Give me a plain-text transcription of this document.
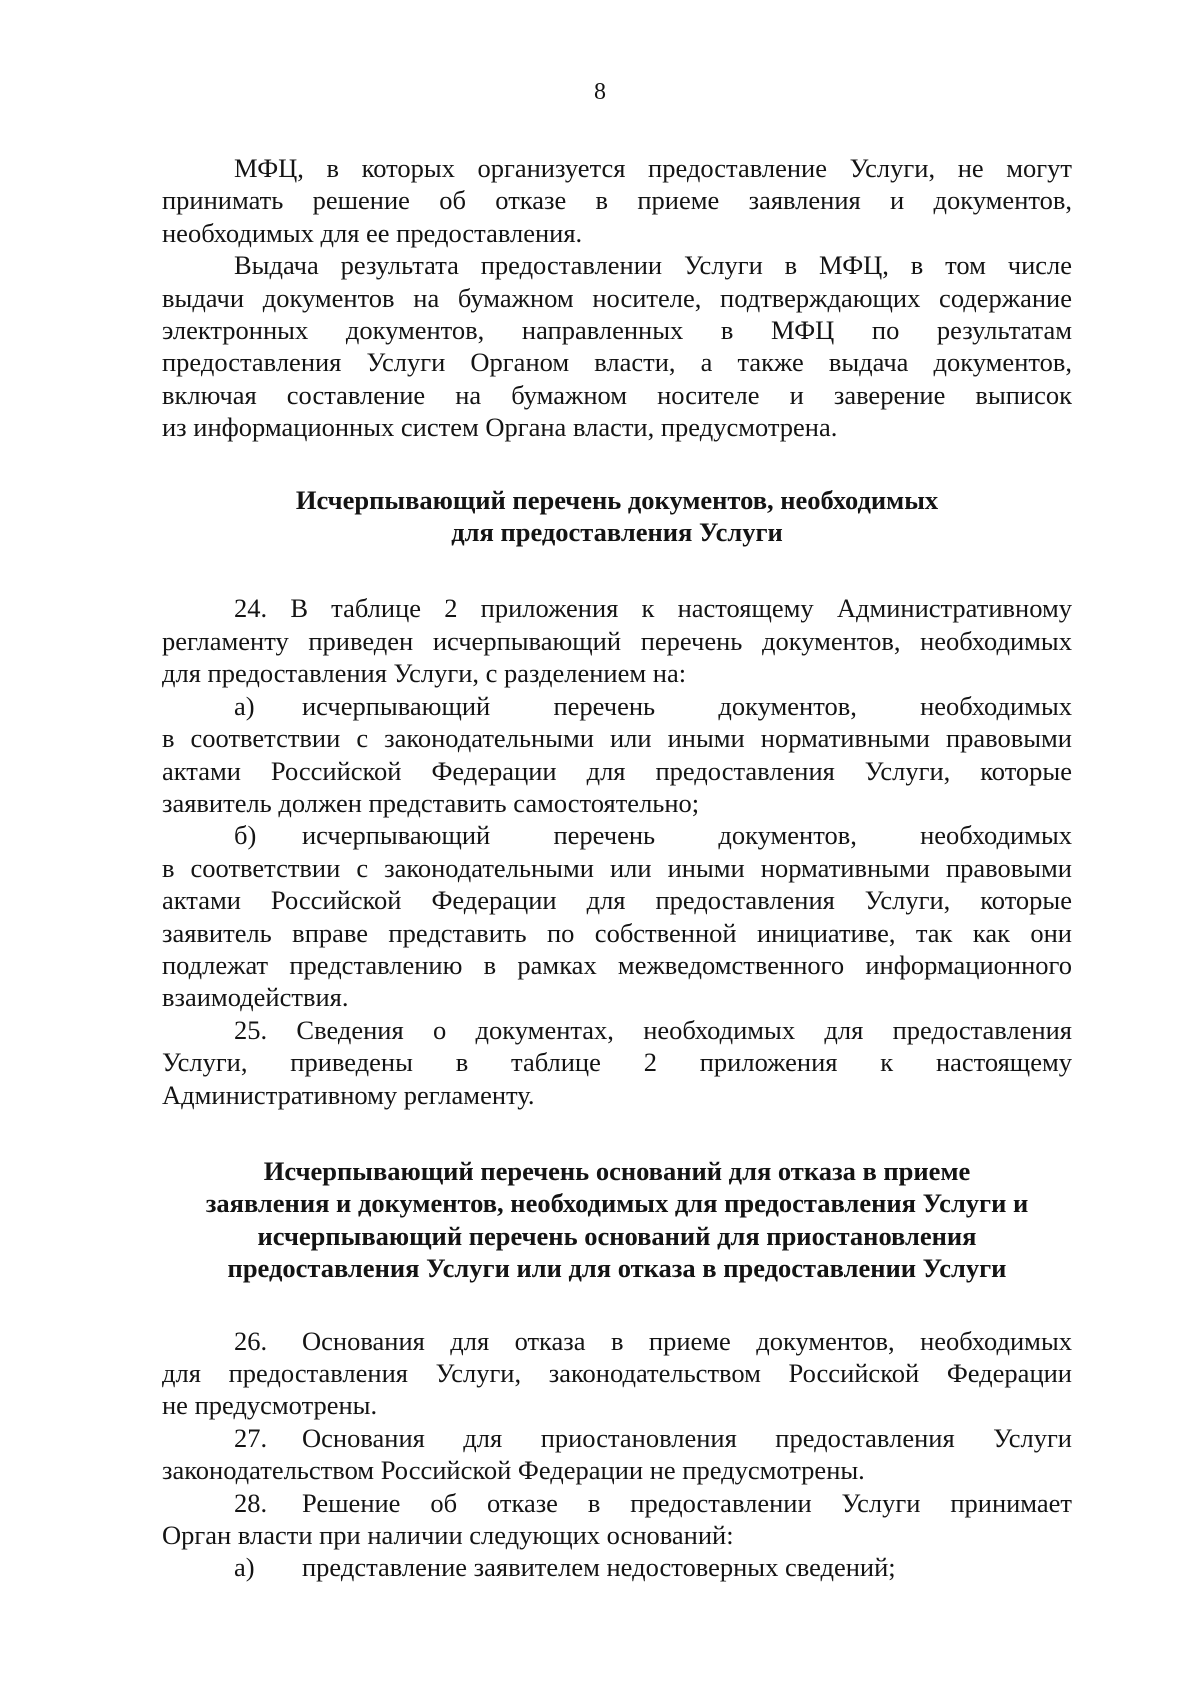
8

МФЦ, в которых организуется предоставление Услуги, не могут

принимать решение об отказе в приеме заявления и документов,

необходимых для ее предоставления.

Выдача результата предоставлении Услуги в МФЦ, в том числе

выдачи документов на бумажном носителе, подтверждающих содержание

электронных документов, направленных в МФЦ по результатам

предоставления Услуги Органом власти, а также выдача документов,

включая составление на бумажном носителе и заверение выписок

из информационных систем Органа власти, предусмотрена.

Исчерпывающий перечень документов, необходимых

для предоставления Услуги

24. В таблице 2 приложения к настоящему Административному

регламенту приведен исчерпывающий перечень документов, необходимых

для предоставления Услуги, с разделением на:

а)	исчерпывающий перечень документов, необходимых

в соответствии с законодательными или иными нормативными правовыми

актами Российской Федерации для предоставления Услуги, которые

заявитель должен представить самостоятельно;

б)	исчерпывающий перечень документов, необходимых

в соответствии с законодательными или иными нормативными правовыми

актами Российской Федерации для предоставления Услуги, которые

заявитель вправе представить по собственной инициативе, так как они

подлежат представлению в рамках межведомственного информационного

взаимодействия.

25. Сведения о документах, необходимых для предоставления

Услуги, приведены в таблице 2 приложения к настоящему

Административному регламенту.

Исчерпывающий перечень оснований для отказа в приеме

заявления и документов, необходимых для предоставления Услуги и

исчерпывающий перечень оснований для приостановления

предоставления Услуги или для отказа в предоставлении Услуги

26.	Основания для отказа в приеме документов, необходимых

для предоставления Услуги, законодательством Российской Федерации

не предусмотрены.

27.	Основания для приостановления предоставления Услуги

законодательством Российской Федерации не предусмотрены.

28.	Решение об отказе в предоставлении Услуги принимает

Орган власти при наличии следующих оснований:

а)	представление заявителем недостоверных сведений;
